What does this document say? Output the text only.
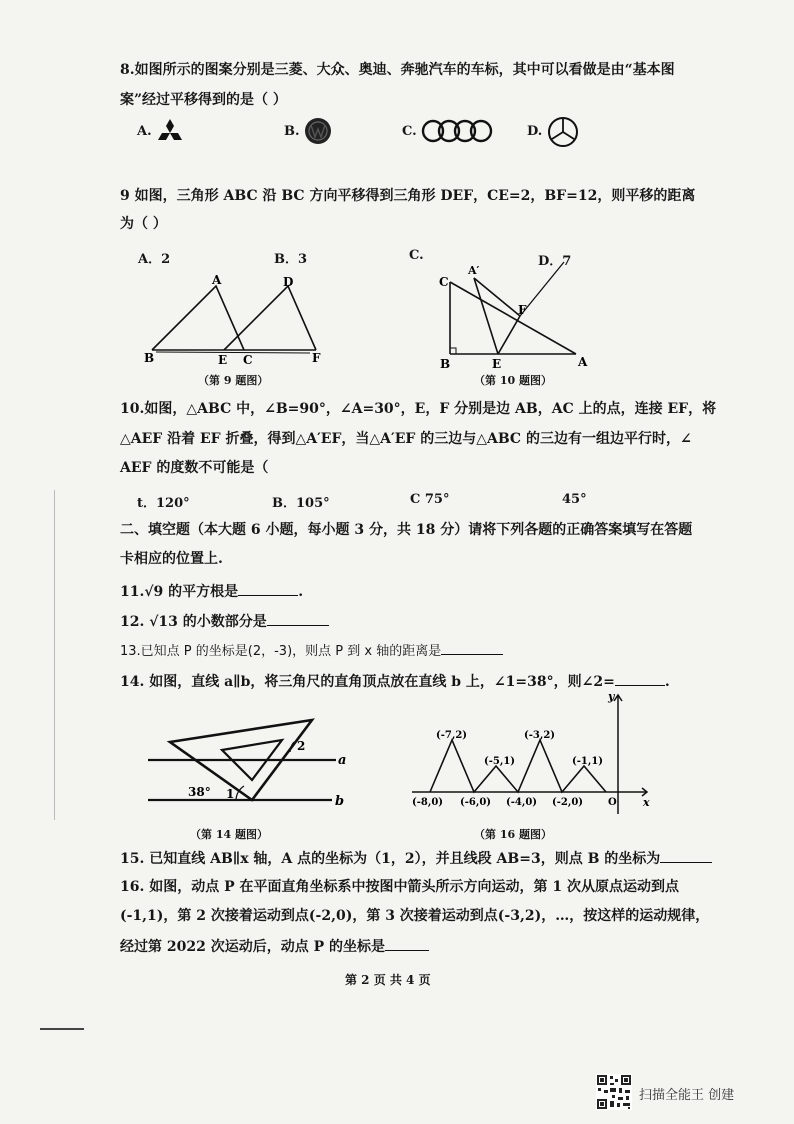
8.如图所示的图案分别是三菱、大众、奥迪、奔驰汽车的车标，其中可以看做是由“基本图
案”经过平移得到的是（ ）
A.	B.	C.	D.
9 如图，三角形 ABC 沿 BC 方向平移得到三角形 DEF，CE=2，BF=12，则平移的距离
为（ ）
A．2	B．3	C.	D．7
A	D
B	E C	F
（第 9 题图）
C
A′
F
B	E	A
（第 10 题图）
10.如图，△ABC 中，∠B=90°，∠A=30°，E，F 分别是边 AB，AC 上的点，连接 EF，将
△AEF 沿着 EF 折叠，得到△A′EF，当△A′EF 的三边与△ABC 的三边有一组边平行时，∠
AEF 的度数不可能是（
t．120°	B．105°	C 75°	45°
二、填空题（本大题 6 小题，每小题 3 分，共 18 分）请将下列各题的正确答案填写在答题
卡相应的位置上.
11.√9 的平方根是	.
12. √13 的小数部分是
13.已知点 P 的坐标是(2，-3)，则点 P 到 x 轴的距离是
14. 如图，直线 a∥b，将三角尺的直角顶点放在直线 b 上，∠1=38°，则∠2=	.
a
b
38° 1
2
（第 14 题图）
(-7,2)
(-5,1)
(-3,2)
(-1,1)
(-8,0) (-6,0) (-4,0) (-2,0) O x
y
（第 16 题图）
15. 已知直线 AB∥x 轴，A 点的坐标为（1，2），并且线段 AB=3，则点 B 的坐标为
16. 如图，动点 P 在平面直角坐标系中按图中箭头所示方向运动，第 1 次从原点运动到点
(-1,1)，第 2 次接着运动到点(-2,0)，第 3 次接着运动到点(-3,2)，…，按这样的运动规律，
经过第 2022 次运动后，动点 P 的坐标是
第 2 页 共 4 页
扫描全能王 创建
